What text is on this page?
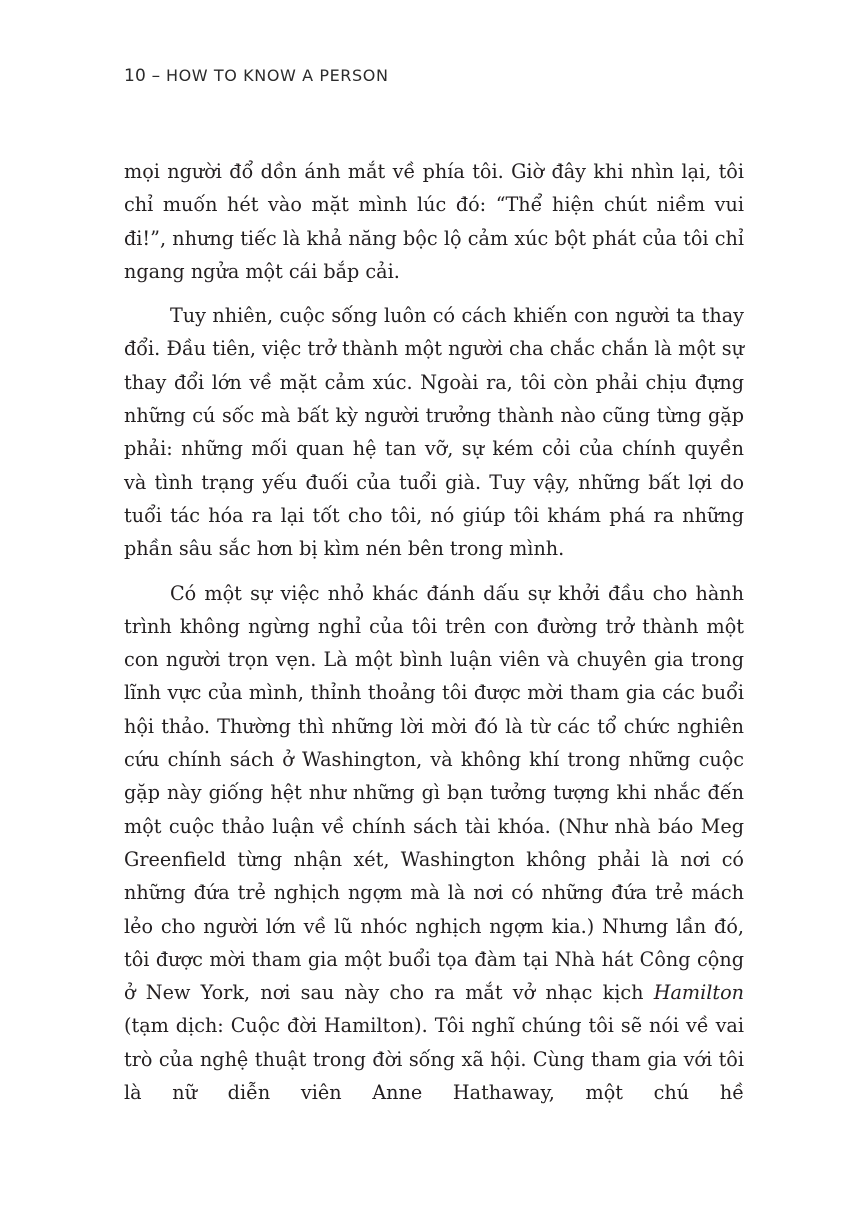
10 – HOW TO KNOW A PERSON

mọi người đổ dồn ánh mắt về phía tôi. Giờ đây khi nhìn lại, tôi chỉ muốn hét vào mặt mình lúc đó: “Thể hiện chút niềm vui đi!”, nhưng tiếc là khả năng bộc lộ cảm xúc bột phát của tôi chỉ ngang ngửa một cái bắp cải.

Tuy nhiên, cuộc sống luôn có cách khiến con người ta thay đổi. Đầu tiên, việc trở thành một người cha chắc chắn là một sự thay đổi lớn về mặt cảm xúc. Ngoài ra, tôi còn phải chịu đựng những cú sốc mà bất kỳ người trưởng thành nào cũng từng gặp phải: những mối quan hệ tan vỡ, sự kém cỏi của chính quyền và tình trạng yếu đuối của tuổi già. Tuy vậy, những bất lợi do tuổi tác hóa ra lại tốt cho tôi, nó giúp tôi khám phá ra những phần sâu sắc hơn bị kìm nén bên trong mình.

Có một sự việc nhỏ khác đánh dấu sự khởi đầu cho hành trình không ngừng nghỉ của tôi trên con đường trở thành một con người trọn vẹn. Là một bình luận viên và chuyên gia trong lĩnh vực của mình, thỉnh thoảng tôi được mời tham gia các buổi hội thảo. Thường thì những lời mời đó là từ các tổ chức nghiên cứu chính sách ở Washington, và không khí trong những cuộc gặp này giống hệt như những gì bạn tưởng tượng khi nhắc đến một cuộc thảo luận về chính sách tài khóa. (Như nhà báo Meg Greenfield từng nhận xét, Washington không phải là nơi có những đứa trẻ nghịch ngợm mà là nơi có những đứa trẻ mách lẻo cho người lớn về lũ nhóc nghịch ngợm kia.) Nhưng lần đó, tôi được mời tham gia một buổi tọa đàm tại Nhà hát Công cộng ở New York, nơi sau này cho ra mắt vở nhạc kịch Hamilton (tạm dịch: Cuộc đời Hamilton). Tôi nghĩ chúng tôi sẽ nói về vai trò của nghệ thuật trong đời sống xã hội. Cùng tham gia với tôi là nữ diễn viên Anne Hathaway, một chú hề
